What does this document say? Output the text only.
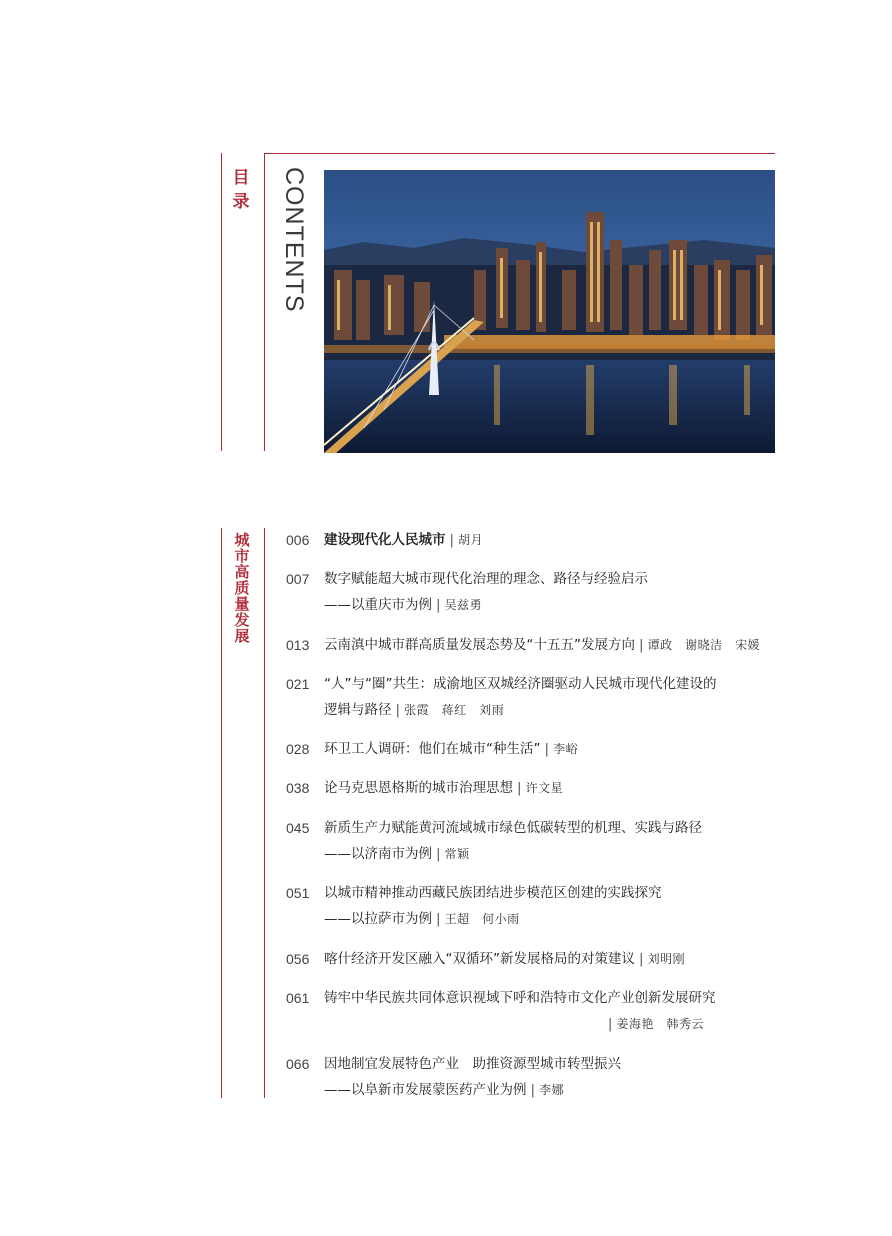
目
录	CONTENTS
城
市
高
质
量
发
展
006	建设现代化人民城市 | 胡月
007	数字赋能超大城市现代化治理的理念、路径与经验启示
——以重庆市为例 | 吴兹勇
013	云南滇中城市群高质量发展态势及“十五五”发展方向 | 谭政　谢晓洁　宋媛
021	“人”与“圈”共生：成渝地区双城经济圈驱动人民城市现代化建设的
逻辑与路径 | 张霞　蒋红　刘雨
028	环卫工人调研：他们在城市“种生活” | 李峪
038	论马克思恩格斯的城市治理思想 | 许文星
045	新质生产力赋能黄河流域城市绿色低碳转型的机理、实践与路径
——以济南市为例 | 常颖
051	以城市精神推动西藏民族团结进步模范区创建的实践探究
——以拉萨市为例 | 王超　何小雨
056	喀什经济开发区融入“双循环”新发展格局的对策建议 | 刘明刚
061	铸牢中华民族共同体意识视域下呼和浩特市文化产业创新发展研究
| 姜海艳　韩秀云
066	因地制宜发展特色产业　助推资源型城市转型振兴
——以阜新市发展蒙医药产业为例 | 李娜
